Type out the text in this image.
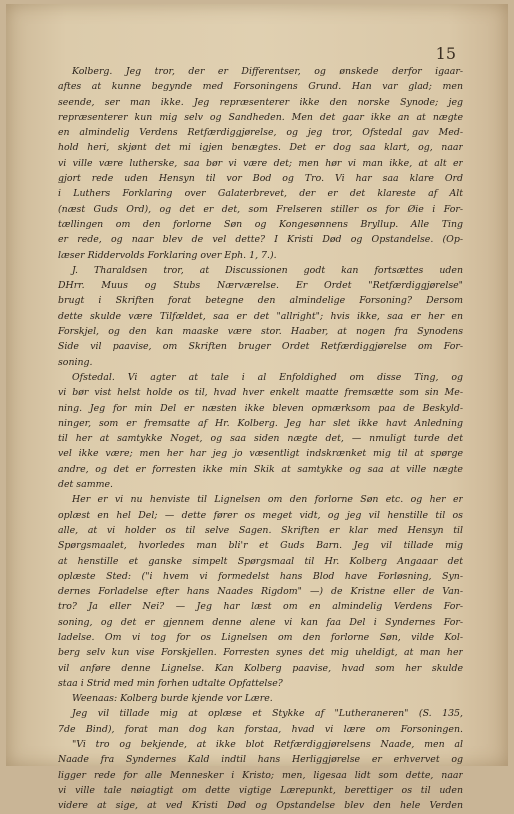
15
Kolberg. Jeg tror, der er Differentser, og ønskede derfor igaar-
aftes at kunne begynde med Forsoningens Grund. Han var glad; men
seende, ser man ikke. Jeg repræsenterer ikke den norske Synode; jeg
repræsenterer kun mig selv og Sandheden. Men det gaar ikke an at nægte
en almindelig Verdens Retfærdiggjørelse, og jeg tror, Ofstedal gav Med-
hold heri, skjønt det mi igjen benægtes. Det er dog saa klart, og, naar
vi ville være lutherske, saa bør vi være det; men hør vi man ikke, at alt er
gjort rede uden Hensyn til vor Bod og Tro. Vi har saa klare Ord
i Luthers Forklaring over Galaterbrevet, der er det klareste af Alt
(næst Guds Ord), og det er det, som Frelseren stiller os for Øie i For-
tællingen om den forlorne Søn og Kongesønnens Bryllup. Alle Ting
er rede, og naar blev de vel dette? I Kristi Død og Opstandelse. (Op-
læser Riddervolds Forklaring over Eph. 1, 7.).
J. Tharaldsen tror, at Discussionen godt kan fortsættes uden
DHrr. Muus og Stubs Nærværelse. Er Ordet "Retfærdiggjørelse"
brugt i Skriften forat betegne den almindelige Forsoning? Dersom
dette skulde være Tilfældet, saa er det "allright"; hvis ikke, saa er her en
Forskjel, og den kan maaske være stor. Haaber, at nogen fra Synodens
Side vil paavise, om Skriften bruger Ordet Retfærdiggjørelse om For-
soning.
Ofstedal. Vi agter at tale i al Enfoldighed om disse Ting, og
vi bør vist helst holde os til, hvad hver enkelt maatte fremsætte som sin Me-
ning. Jeg for min Del er næsten ikke bleven opmærksom paa de Beskyld-
ninger, som er fremsatte af Hr. Kolberg. Jeg har slet ikke havt Anledning
til her at samtykke Noget, og saa siden nægte det, — nmuligt turde det
vel ikke være; men her har jeg jo væsentligt indskrænket mig til at spørge
andre, og det er forresten ikke min Skik at samtykke og saa at ville nægte
det samme.
Her er vi nu henviste til Lignelsen om den forlorne Søn etc. og her er
oplæst en hel Del; — dette fører os meget vidt, og jeg vil henstille til os
alle, at vi holder os til selve Sagen. Skriften er klar med Hensyn til
Spørgsmaalet, hvorledes man bli'r et Guds Barn. Jeg vil tillade mig
at henstille et ganske simpelt Spørgsmaal til Hr. Kolberg Angaaar det
oplæste Sted: ("i hvem vi formedelst hans Blod have Forløsning, Syn-
dernes Forladelse efter hans Naades Rigdom" —) de Kristne eller de Van-
tro? Ja eller Nei? — Jeg har læst om en almindelig Verdens For-
soning, og det er gjennem denne alene vi kan faa Del i Syndernes For-
ladelse. Om vi tog for os Lignelsen om den forlorne Søn, vilde Kol-
berg selv kun vise Forskjellen. Forresten synes det mig uheldigt, at man her
vil anføre denne Lignelse. Kan Kolberg paavise, hvad som her skulde
staa i Strid med min forhen udtalte Opfattelse?
Weenaas: Kolberg burde kjende vor Lære.
Jeg vil tillade mig at oplæse et Stykke af "Lutheraneren" (S. 135,
7de Bind), forat man dog kan forstaa, hvad vi lære om Forsoningen.
"Vi tro og bekjende, at ikke blot Retfærdiggjørelsens Naade, men al
Naade fra Syndernes Kald indtil hans Herliggjørelse er erhvervet og
ligger rede for alle Mennesker i Kristo; men, ligesaa lidt som dette, naar
vi ville tale nøiagtigt om dette vigtige Lærepunkt, berettiger os til uden
videre at sige, at ved Kristi Død og Opstandelse blev den hele Verden
